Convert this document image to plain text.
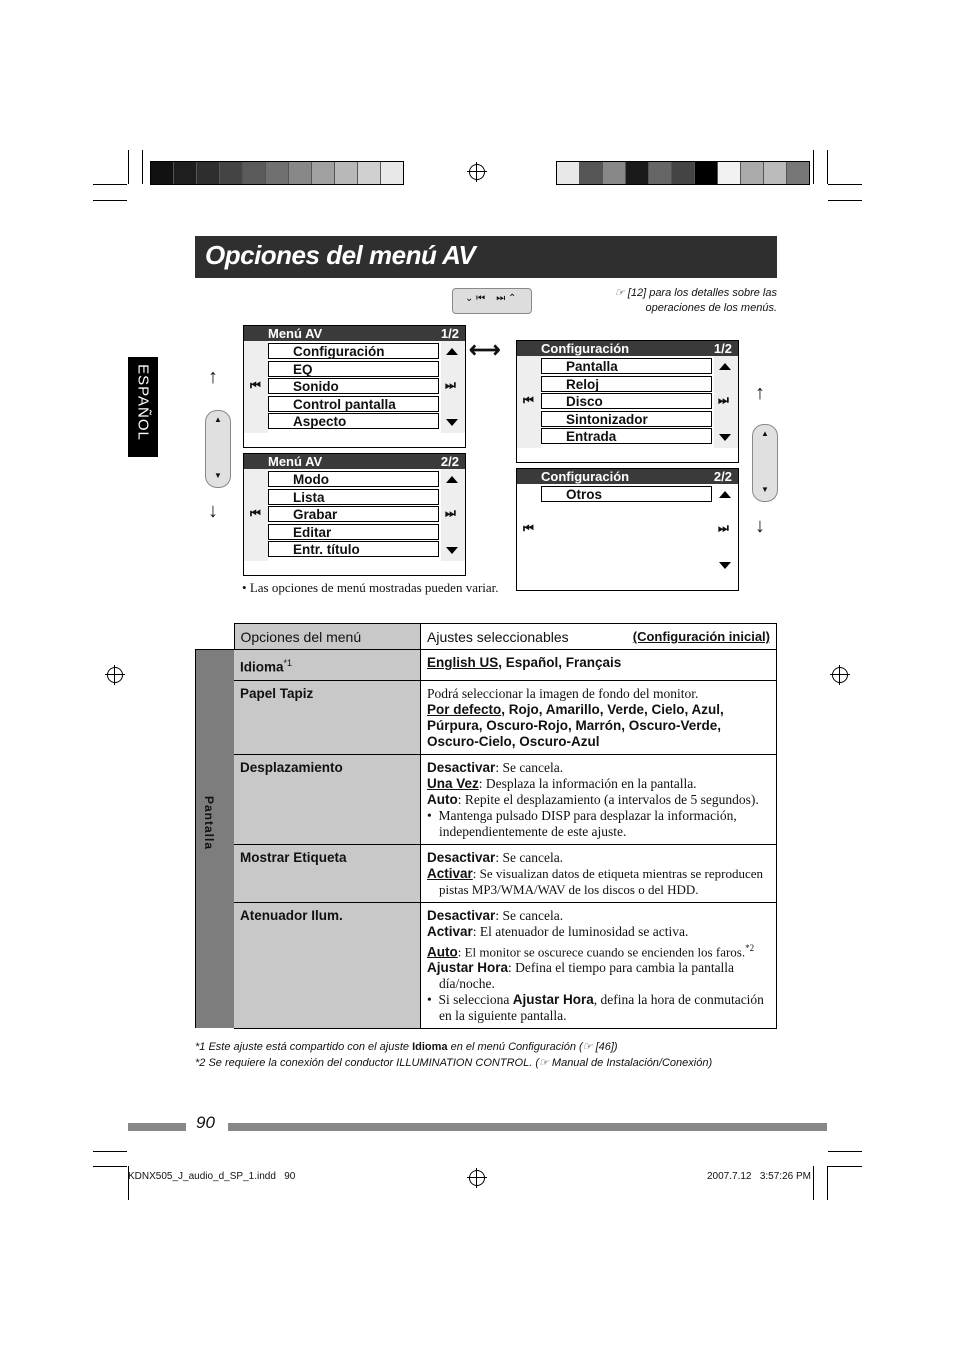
Opciones del menú AV
ESPAÑOL
⌄ ⏮    ⏭ ⌃	☞ [12] para los detalles sobre las operaciones de los menús.
Menú AV	1/2
Configuración
EQ
Sonido
Control pantalla
Aspecto
⏮	⏭
Menú AV	2/2
Modo
Lista
Grabar
Editar
Entr. título
⏮	⏭
Configuración	1/2
Pantalla
Reloj
Disco
Sintonizador
Entrada
⏮	⏭
Configuración	2/2
Otros
⏮	⏭
⟷
↑
▲
▼
↓
↑
▲
▼
↓
• Las opciones de menú mostradas pueden variar.
	Opciones del menú	Ajustes seleccionables (Configuración inicial)

Pantalla	Idioma$^{*1}$	English US, Español, Français
	Papel Tapiz	Podrá seleccionar la imagen de fondo del monitor.
Por defecto, Rojo, Amarillo, Verde, Cielo, Azul, Púrpura, Oscuro-Rojo, Marrón, Oscuro-Verde, Oscuro-Cielo, Oscuro-Azul

	Desplazamiento	Desactivar: Se cancela.
Una Vez: Desplaza la información en la pantalla.
Auto: Repite el desplazamiento (a intervalos de 5 segundos).
•  Mantenga pulsado DISP para desplazar la información, independientemente de este ajuste.

	Mostrar Etiqueta	Desactivar: Se cancela.
Activar: Se visualizan datos de etiqueta mientras se reproducen pistas MP3/WMA/WAV de los discos o del HDD.

	Atenuador Ilum.	Desactivar: Se cancela.
Activar: El atenuador de luminosidad se activa.
Auto: El monitor se oscurece cuando se encienden los faros.$^{*2}$
Ajustar Hora: Defina el tiempo para cambia la pantalla día/noche.
•  Si selecciona Ajustar Hora, defina la hora de conmutación en la siguiente pantalla.
*1 Este ajuste está compartido con el ajuste Idioma en el menú Configuración (☞ [46])
*2 Se requiere la conexión del conductor ILLUMINATION CONTROL. (☞ Manual de Instalación/Conexión)
90
KDNX505_J_audio_d_SP_1.indd   90	2007.7.12   3:57:26 PM
